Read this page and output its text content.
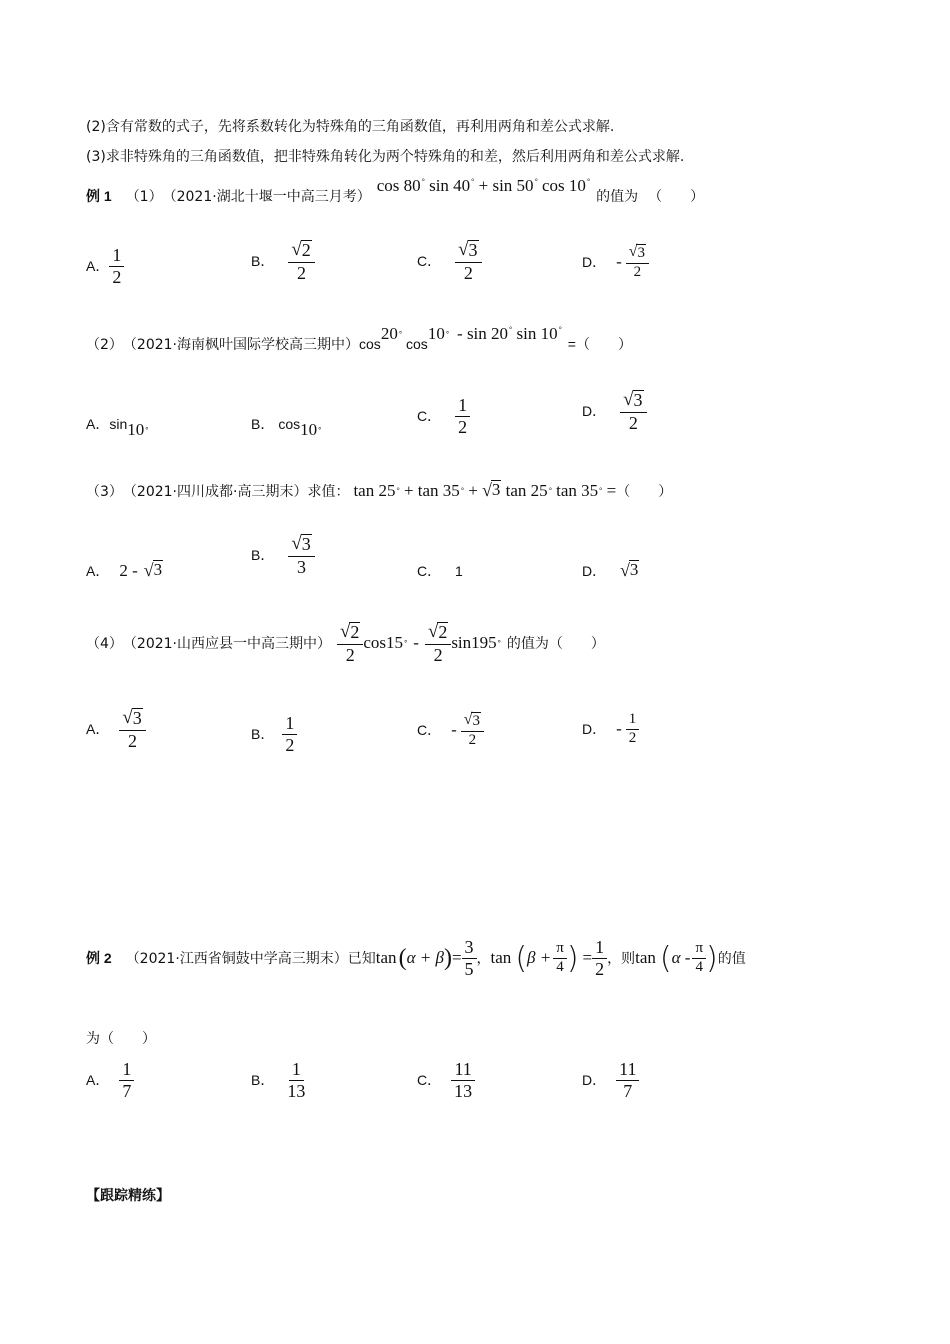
(2)含有常数的式子，先将系数转化为特殊角的三角函数值，再利用两角和差公式求解.
(3)求非特殊角的三角函数值，把非特殊角转化为两个特殊角的和差，然后利用两角和差公式求解.
例 1 （1） （2021·湖北十堰一中高三月考）
cos 80° sin 40° + sin 50° cos 10°
的值为 （　　）
A． $\frac{1}{2}$	B． $\frac{√ 2}{2}$	C． $\frac{√ 3}{2}$	D． - $\frac{√ 3}{2}$
（2） （2021·海南枫叶国际学校高三期中） cos
20 °
cos
10 ° - sin 20° sin 10°
= （　　）
A． sin 10 °	B． cos 10 °
C． $\frac{1}{2}$	D． $\frac{√ 3}{2}$
（3） （2021·四川成都·高三期末）求值： tan 25 °
+
tan 35 °
+
√ 3
tan 25 °
tan 35 °
= （　　）
A． 2 - √ 3
B． $\frac{√ 3}{3}$	C． 1	D． √ 3
（4） （2021·山西应县一中高三期中） $\frac{√ 2}{2} \cos 15$ ° - $\frac{√ 2}{2} \sin 195$ ° 的值为 （　　）
A． $\frac{√ 3}{2}$	B． $\frac{1}{2}$	C． - $\frac{√ 3}{2}$	D． - $\frac{1}{2}$
例 2 （2021·江西省铜鼓中学高三期末）已知 tan ( α + β ) = $\frac{3}{5}$ ， tan ( $\beta + \frac{\pi}{4}$ ) = $\frac{1}{2}$ ，则 tan ( α - $\frac{\pi}{4}$ ) 的值
为（　　）
A． $\frac{1}{7}$	B． $\frac{1}{13}$	C． $\frac{11}{13}$	D． $\frac{11}{7}$
【跟踪精练】
